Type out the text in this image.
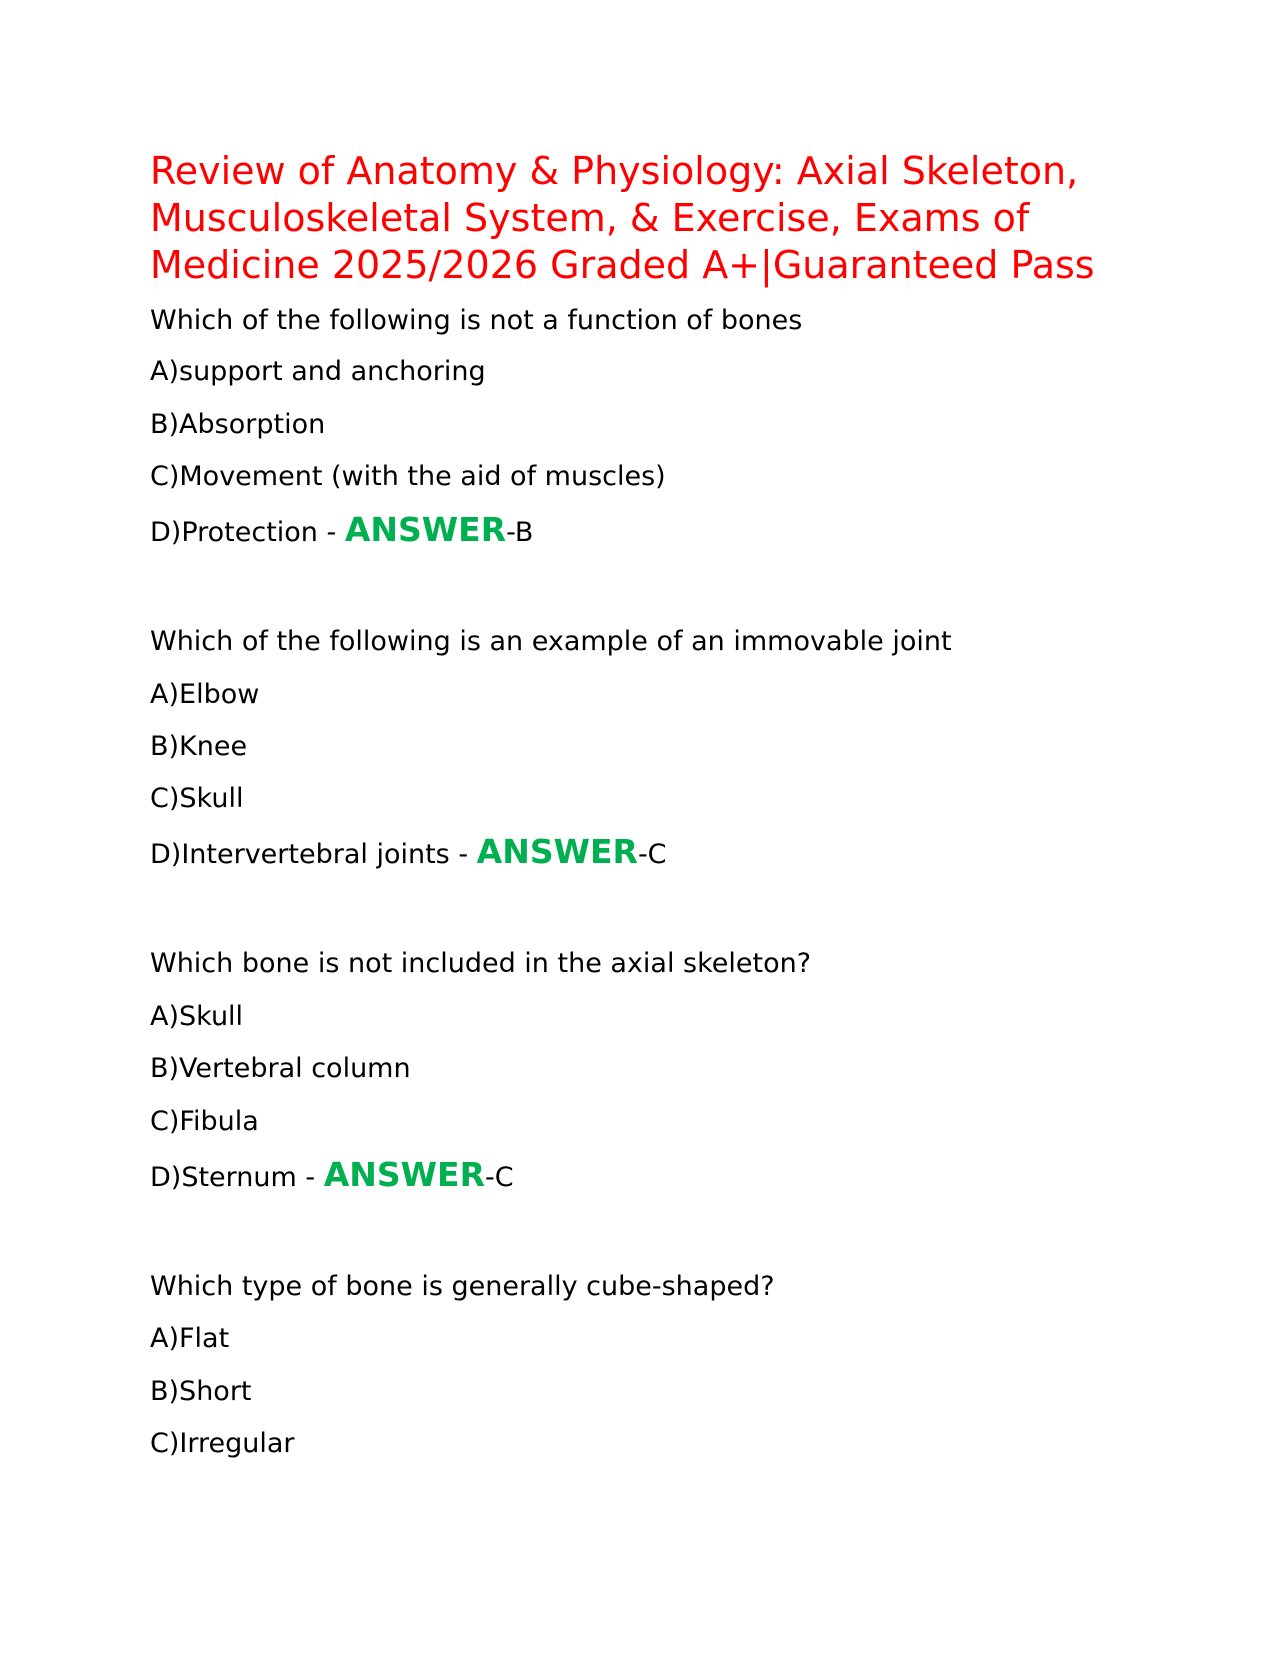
Review of Anatomy & Physiology: Axial Skeleton, Musculoskeletal System, & Exercise, Exams of Medicine 2025/2026 Graded A+|Guaranteed Pass

Which of the following is not a function of bones

A)support and anchoring

B)Absorption

C)Movement (with the aid of muscles)

D)Protection - ANSWER-B

Which of the following is an example of an immovable joint

A)Elbow

B)Knee

C)Skull

D)Intervertebral joints - ANSWER-C

Which bone is not included in the axial skeleton?

A)Skull

B)Vertebral column

C)Fibula

D)Sternum - ANSWER-C

Which type of bone is generally cube-shaped?

A)Flat

B)Short

C)Irregular
